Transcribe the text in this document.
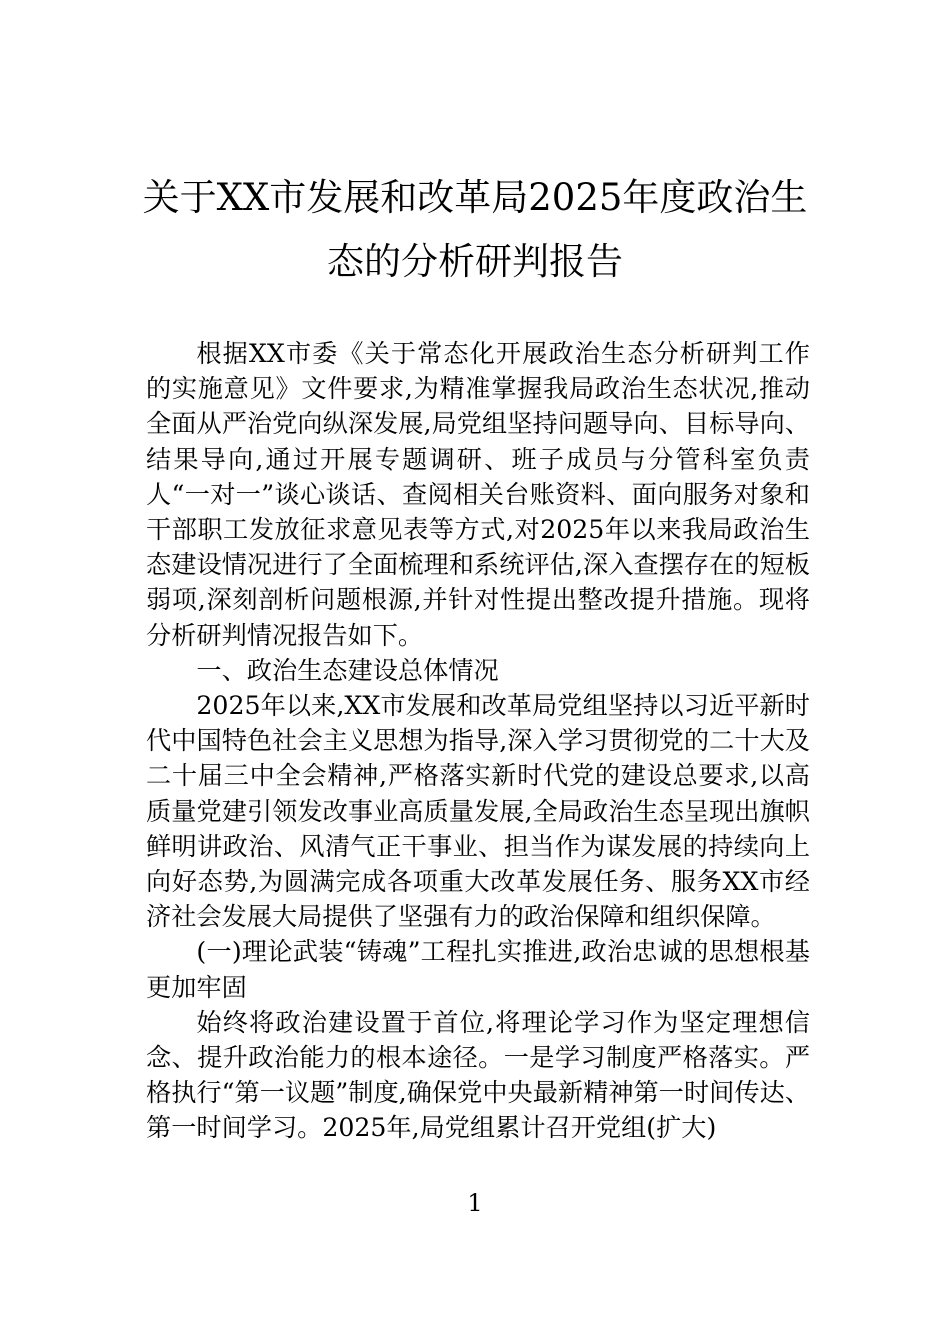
关于XX市发展和改革局2025年度政治生
态的分析研判报告

根据XX市委《关于常态化开展政治生态分析研判工作的实施意见》文件要求,为精准掌握我局政治生态状况,推动全面从严治党向纵深发展,局党组坚持问题导向、目标导向、结果导向,通过开展专题调研、班子成员与分管科室负责人“一对一”谈心谈话、查阅相关台账资料、面向服务对象和干部职工发放征求意见表等方式,对2025年以来我局政治生态建设情况进行了全面梳理和系统评估,深入查摆存在的短板弱项,深刻剖析问题根源,并针对性提出整改提升措施。现将分析研判情况报告如下。

一、政治生态建设总体情况

2025年以来,XX市发展和改革局党组坚持以习近平新时代中国特色社会主义思想为指导,深入学习贯彻党的二十大及二十届三中全会精神,严格落实新时代党的建设总要求,以高质量党建引领发改事业高质量发展,全局政治生态呈现出旗帜鲜明讲政治、风清气正干事业、担当作为谋发展的持续向上向好态势,为圆满完成各项重大改革发展任务、服务XX市经济社会发展大局提供了坚强有力的政治保障和组织保障。

(一)理论武装“铸魂”工程扎实推进,政治忠诚的思想根基更加牢固

始终将政治建设置于首位,将理论学习作为坚定理想信念、提升政治能力的根本途径。一是学习制度严格落实。严格执行“第一议题”制度,确保党中央最新精神第一时间传达、第一时间学习。2025年,局党组累计召开党组(扩大)

1
